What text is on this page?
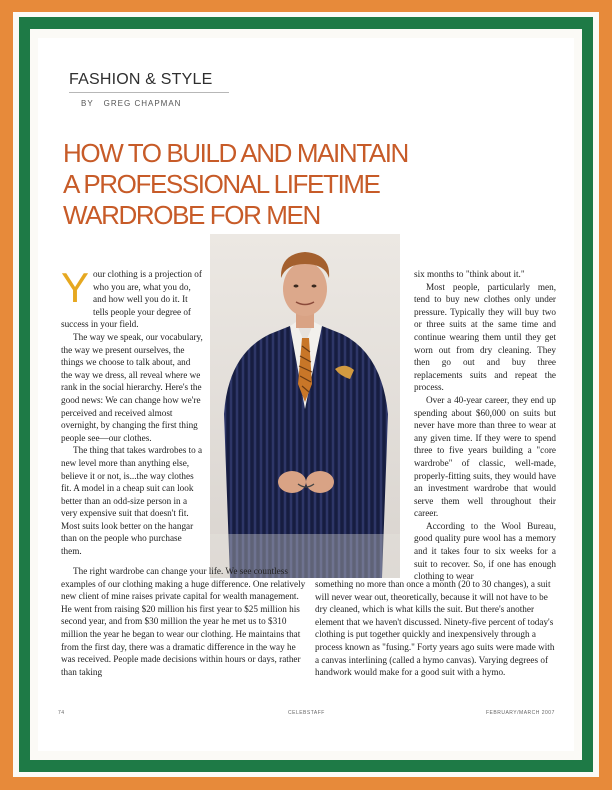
FASHION & STYLE
BY GREG CHAPMAN
HOW TO BUILD AND MAINTAIN
A PROFESSIONAL LIFETIME
WARDROBE FOR MEN

Your clothing is a projection of who you are, what you do, and how well you do it. It tells people your degree of success in your field.

The way we speak, our vocabulary, the way we present ourselves, the things we choose to talk about, and the way we dress, all reveal where we rank in the social hierarchy. Here's the good news: We can change how we're perceived and received almost overnight, by changing the first thing people see—our clothes.

The thing that takes wardrobes to a new level more than anything else, believe it or not, is...the way clothes fit. A model in a cheap suit can look better than an odd-size person in a very expensive suit that doesn't fit. Most suits look better on the hangar than on the people who purchase them.

six months to "think about it."

Most people, particularly men, tend to buy new clothes only under pressure. Typically they will buy two or three suits at the same time and continue wearing them until they get worn out from dry cleaning. They then go out and buy three replacements suits and repeat the process.

Over a 40-year career, they end up spending about $60,000 on suits but never have more than three to wear at any given time. If they were to spend three to five years building a "core wardrobe" of classic, well-made, properly-fitting suits, they would have an investment wardrobe that would serve them well throughout their career.

According to the Wool Bureau, good quality pure wool has a memory and it takes four to six weeks for a suit to recover. So, if one has enough clothing to wear

The right wardrobe can change your life. We see countless examples of our clothing making a huge difference. One relatively new client of mine raises private capital for wealth management. He went from raising $20 million his first year to $25 million his second year, and from $30 million the year he met us to $310 million the year he began to wear our clothing. He maintains that from the first day, there was a dramatic difference in the way he was received. People made decisions within hours or days, rather than taking

something no more than once a month (20 to 30 changes), a suit will never wear out, theoretically, because it will not have to be dry cleaned, which is what kills the suit. But there's another element that we haven't discussed. Ninety-five percent of today's clothing is put together quickly and inexpensively through a process known as "fusing." Forty years ago suits were made with a canvas interlining (called a hymo canvas). Varying degrees of handwork would make for a good suit with a hymo.

74	CELEBSTAFF	FEBRUARY/MARCH 2007
